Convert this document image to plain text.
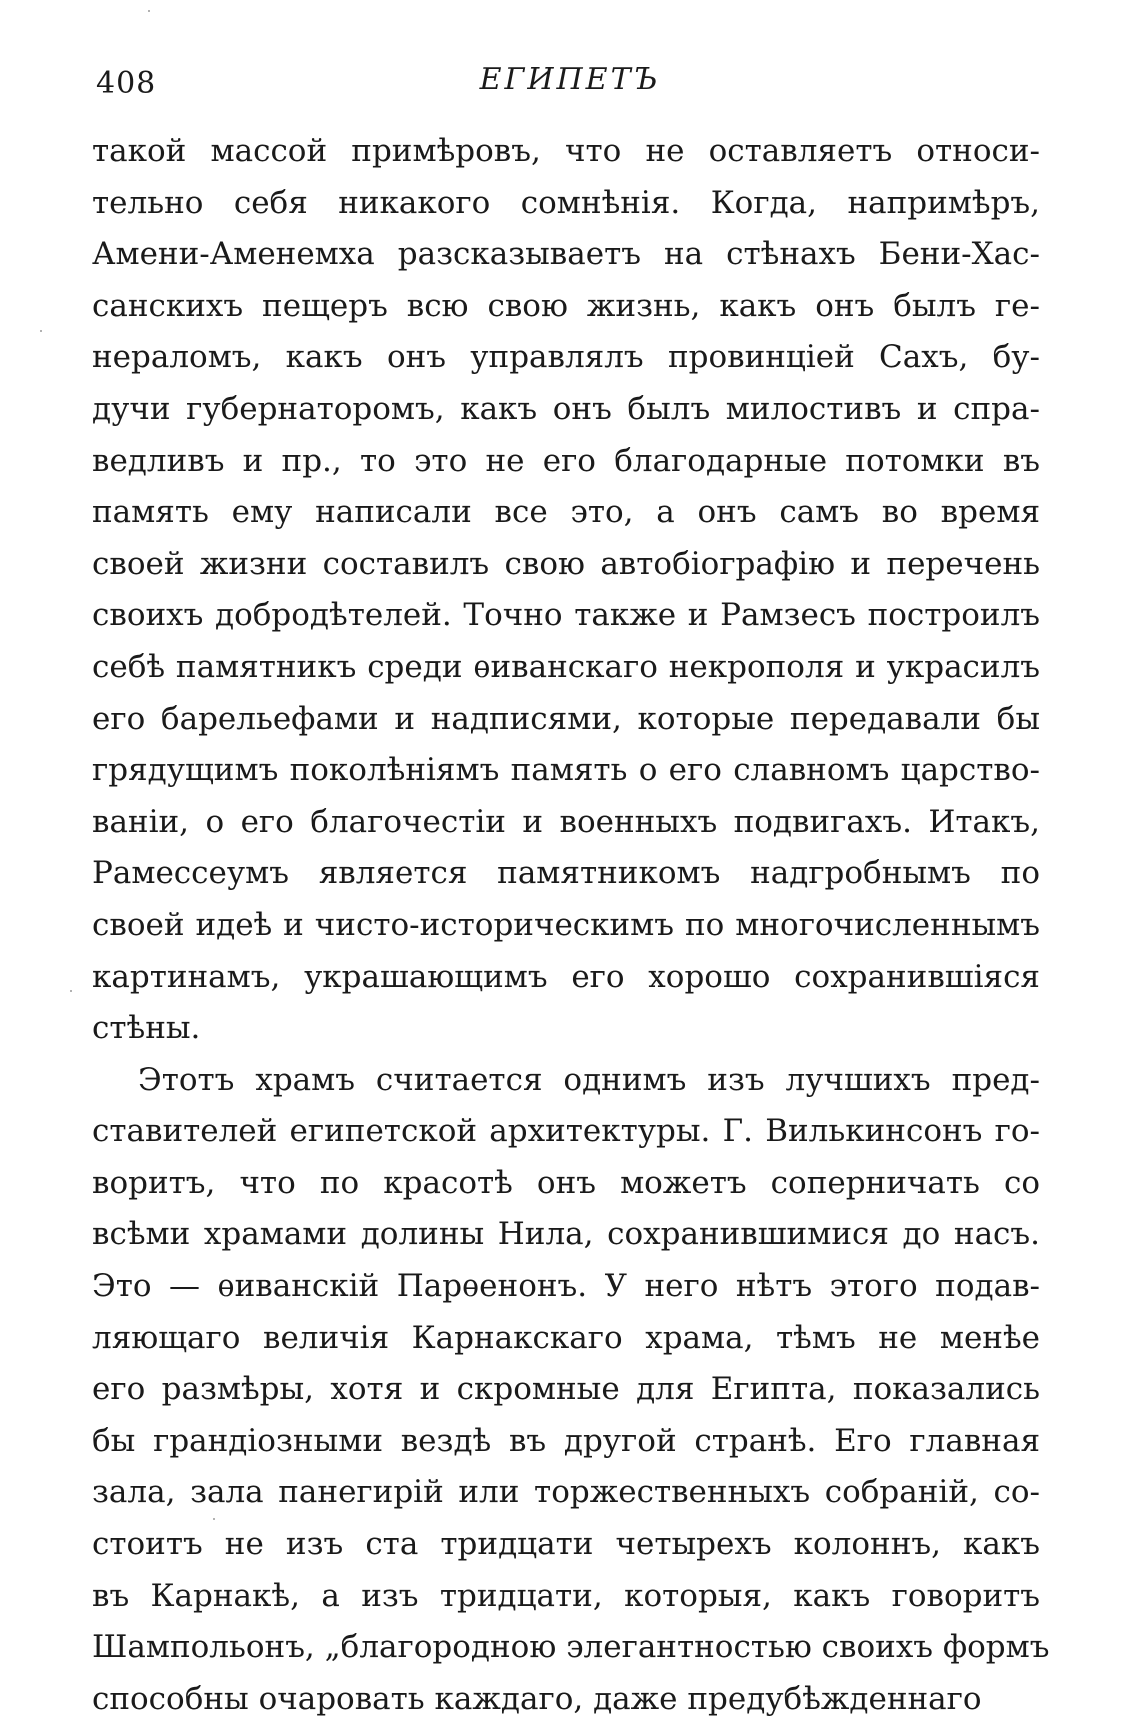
408	ЕГИПЕТЪ
такой массой примѣровъ, что не оставляетъ относи-
тельно себя никакого сомнѣнія. Когда, напримѣръ,
Амени-Аменемха разсказываетъ на стѣнахъ Бени-Хас-
санскихъ пещеръ всю свою жизнь, какъ онъ былъ ге-
нераломъ, какъ онъ управлялъ провинціей Сахъ, бу-
дучи губернаторомъ, какъ онъ былъ милостивъ и спра-
ведливъ и пр., то это не его благодарные потомки въ
память ему написали все это, а онъ самъ во время
своей жизни составилъ свою автобіографію и перечень
своихъ добродѣтелей. Точно также и Рамзесъ построилъ
себѣ памятникъ среди ѳиванскаго некрополя и украсилъ
его барельефами и надписями, которые передавали бы
грядущимъ поколѣніямъ память о его славномъ царство-
ваніи, о его благочестіи и военныхъ подвигахъ. Итакъ,
Рамессеумъ является памятникомъ надгробнымъ по
своей идеѣ и чисто-историческимъ по многочисленнымъ
картинамъ, украшающимъ его хорошо сохранившіяся
стѣны.
Этотъ храмъ считается однимъ изъ лучшихъ пред-
ставителей египетской архитектуры. Г. Вилькинсонъ го-
воритъ, что по красотѣ онъ можетъ соперничать со
всѣми храмами долины Нила, сохранившимися до насъ.
Это — ѳиванскій Парѳенонъ. У него нѣтъ этого подав-
ляющаго величія Карнакскаго храма, тѣмъ не менѣе
его размѣры, хотя и скромные для Египта, показались
бы грандіозными вездѣ въ другой странѣ. Его главная
зала, зала панегирій или торжественныхъ собраній, со-
стоитъ не изъ ста тридцати четырехъ колоннъ, какъ
въ Карнакѣ, а изъ тридцати, которыя, какъ говоритъ
Шампольонъ, „благородною элегантностью своихъ формъ
способны очаровать каждаго, даже предубѣжденнаго
